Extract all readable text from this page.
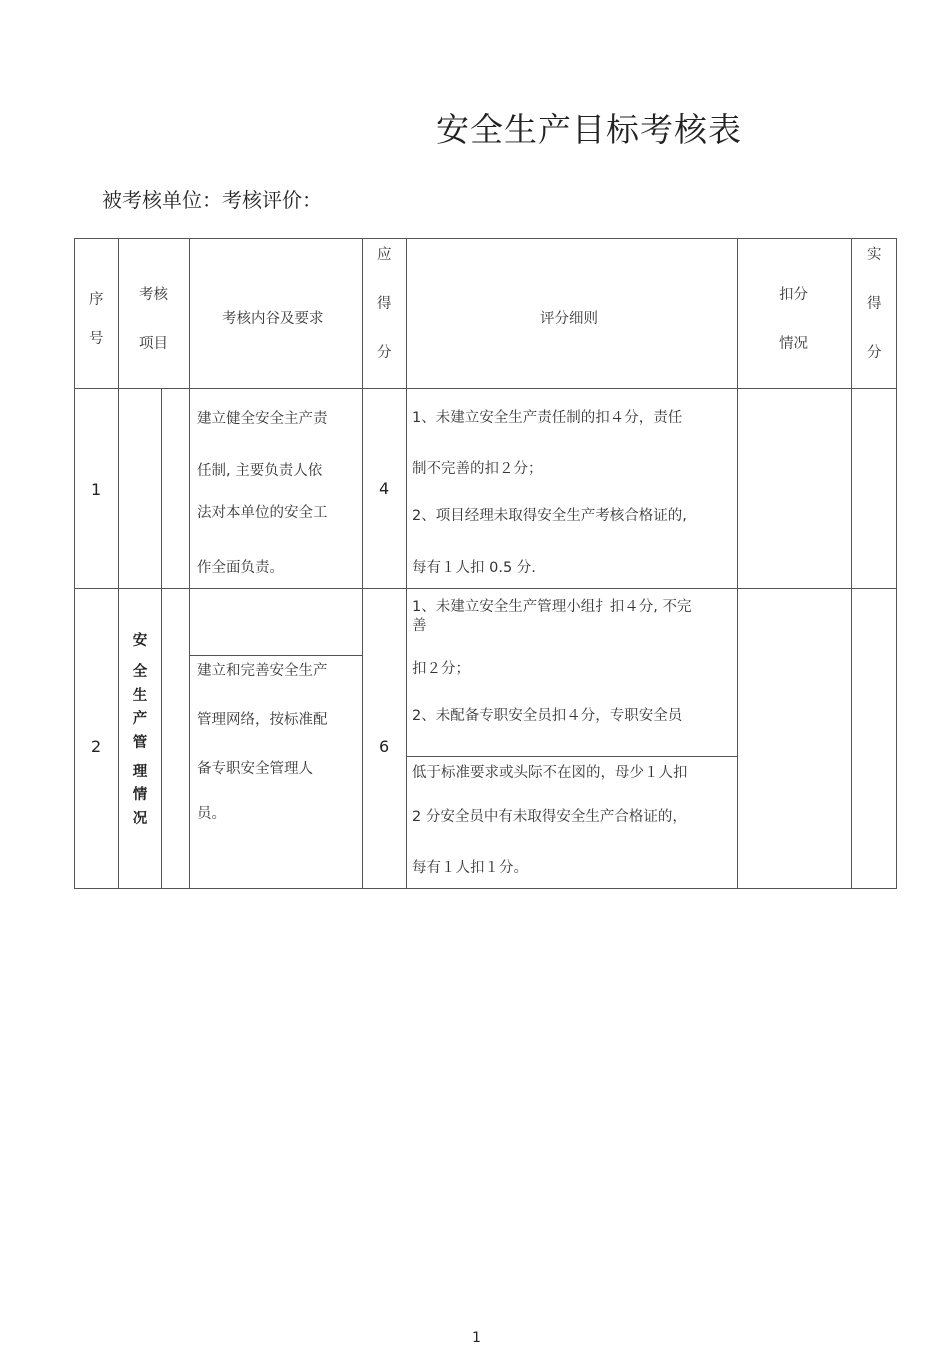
安全生产目标考核表
被考核单位：考核评价：
序
号
考核
项目
考核内谷及要求
应
得
分
评分细则
扣分
情况
实
得
分
安
全
生
产
管
理
情
况
1
建立健全安全主产责
任制, 主要负责人依
法对本单位的安全工
作全面负责。
4
1、未建立安全生产责任制的扣４分，责任
制不完善的扣２分；
2、项目经理未取得安全生产考核合格证的,
每有１人扣 0.5 分.
2
建立和完善安全生产
管理网络，按标准配
备专职安全管理人
员。
6
1、未建立安全生产管理小组扌扣４分, 不完
善
扣２分；
2、未配备专职安全员扣４分，专职安全员
低于标准要求或头际不在図的，母少１人扣
2 分安全员中有未取得安全生产合格证的，
每有１人扣１分。
1
